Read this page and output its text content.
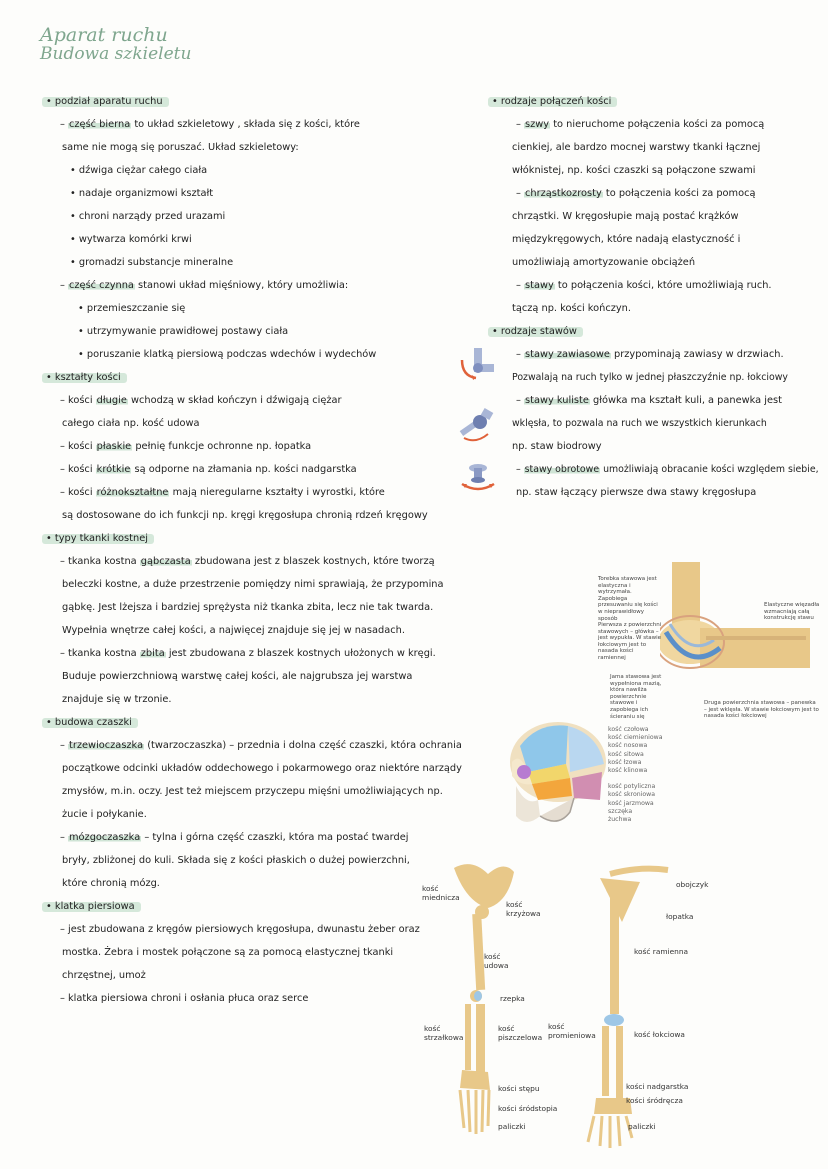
Aparat ruchu
Budowa szkieletu
• podział aparatu ruchu
– część bierna to układ szkieletowy , składa się z kości, które
same nie mogą się poruszać. Układ szkieletowy:
• dźwiga ciężar całego ciała
• nadaje organizmowi kształt
• chroni narządy przed urazami
• wytwarza komórki krwi
• gromadzi substancje mineralne
– część czynna stanowi układ mięśniowy, który umożliwia:
• przemieszczanie się
• utrzymywanie prawidłowej postawy ciała
• poruszanie klatką piersiową podczas wdechów i wydechów
• kształty kości
– kości długie wchodzą w skład kończyn i dźwigają ciężar
całego ciała np. kość udowa
– kości płaskie pełnię funkcje ochronne np. łopatka
– kości krótkie są odporne na złamania np. kości nadgarstka
– kości różnokształtne mają nieregularne kształty i wyrostki, które
są dostosowane do ich funkcji np. kręgi kręgosłupa chronią rdzeń kręgowy
• typy tkanki kostnej
– tkanka kostna gąbczasta zbudowana jest z blaszek kostnych, które tworzą
beleczki kostne, a duże przestrzenie pomiędzy nimi sprawiają, że przypomina
gąbkę. Jest lżejsza i bardziej sprężysta niż tkanka zbita, lecz nie tak twarda.
Wypełnia wnętrze całej kości, a najwięcej znajduje się jej w nasadach.
– tkanka kostna zbita jest zbudowana z blaszek kostnych ułożonych w kręgi.
Buduje powierzchniową warstwę całej kości, ale najgrubsza jej warstwa
znajduje się w trzonie.
• budowa czaszki
– trzewioczaszka (twarzoczaszka) – przednia i dolna część czaszki, która ochrania
początkowe odcinki układów oddechowego i pokarmowego oraz niektóre narządy
zmysłów, m.in. oczy. Jest też miejscem przyczepu mięśni umożliwiających np.
żucie i połykanie.
– mózgoczaszka – tylna i górna część czaszki, która ma postać twardej
bryły, zbliżonej do kuli. Składa się z kości płaskich o dużej powierzchni,
które chronią mózg.
• klatka piersiowa
– jest zbudowana z kręgów piersiowych kręgosłupa, dwunastu żeber oraz
mostka. Żebra i mostek połączone są za pomocą elastycznej tkanki
chrzęstnej, umoż
– klatka piersiowa chroni i osłania płuca oraz serce
• rodzaje połączeń kości
– szwy to nieruchome połączenia kości za pomocą
cienkiej, ale bardzo mocnej warstwy tkanki łącznej
włóknistej, np. kości czaszki są połączone szwami
– chrząstkozrosty to połączenia kości za pomocą
chrząstki. W kręgosłupie mają postać krążków
międzykręgowych, które nadają elastyczność i
umożliwiają amortyzowanie obciążeń
– stawy to połączenia kości, które umożliwiają ruch.
tączą np. kości kończyn.
• rodzaje stawów
– stawy zawiasowe przypominają zawiasy w drzwiach.
Pozwalają na ruch tylko w jednej płaszczyźnie np. łokciowy
– stawy kuliste główka ma kształt kuli, a panewka jest
wklęsła, to pozwala na ruch we wszystkich kierunkach
np. staw biodrowy
– stawy obrotowe umożliwiają obracanie kości względem siebie,
np. staw łączący pierwsze dwa stawy kręgosłupa
Torebka stawowa jest elastyczna i wytrzymała. Zapobiega przesuwaniu się kości w nieprawidłowy sposób
Elastyczne więzadła wzmacniają całą konstrukcję stawu
Pierwsza z powierzchni stawowych – główka – jest wypukła. W stawie łokciowym jest to nasada kości ramiennej
Jama stawowa jest wypełniona mazią, która nawilża powierzchnie stawowe i zapobiega ich ścieraniu się
Druga powierzchnia stawowa – panewka – jest wklęsła. W stawie łokciowym jest to nasada kości łokciowej
kość czołowa
kość ciemieniowa
kość nosowa
kość sitowa
kość łzowa
kość klinowa
kość potyliczna
kość skroniowa
kość jarzmowa
szczęka
żuchwa
kość miednicza
kość krzyżowa
kość udowa
rzepka
kość strzałkowa
kość piszczelowa
kości stępu
kości śródstopia
paliczki
obojczyk
łopatka
kość ramienna
kość promieniowa	kość łokciowa
kości nadgarstka
kości śródręcza
paliczki
